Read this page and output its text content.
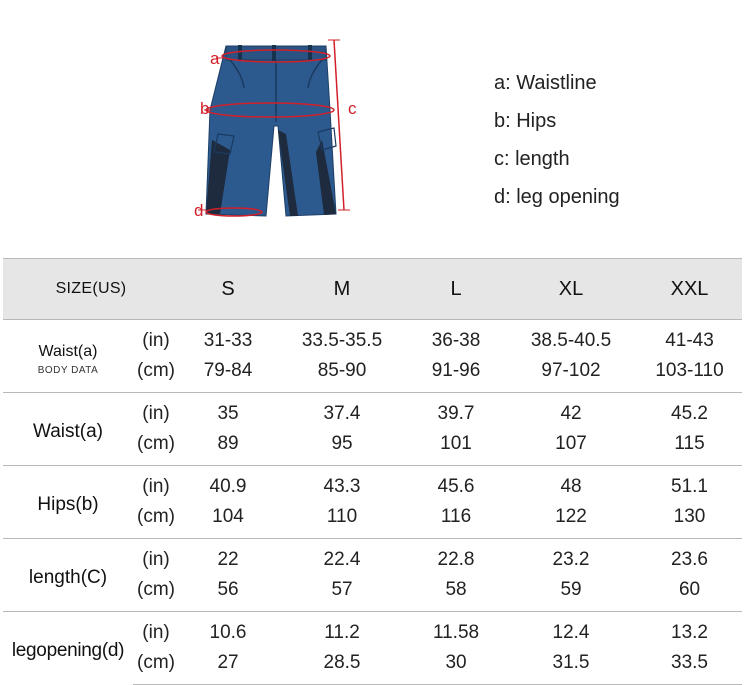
a
b	c
d
a: Waistline
b: Hips
c: length
d: leg opening
SIZE(US)		S	M	L	XL	XXL

Waist(a)
BODY DATA	(in)	31-33	33.5-35.5	36-38	38.5-40.5	41-43
	(cm)	79-84	85-90	91-96	97-102	103-110
Waist(a)	(in)	35	37.4	39.7	42	45.2
	(cm)	89	95	101	107	115
Hips(b)	(in)	40.9	43.3	45.6	48	51.1
	(cm)	104	110	116	122	130
length(C)	(in)	22	22.4	22.8	23.2	23.6
	(cm)	56	57	58	59	60
legopening(d)	(in)	10.6	11.2	11.58	12.4	13.2
	(cm)	27	28.5	30	31.5	33.5
